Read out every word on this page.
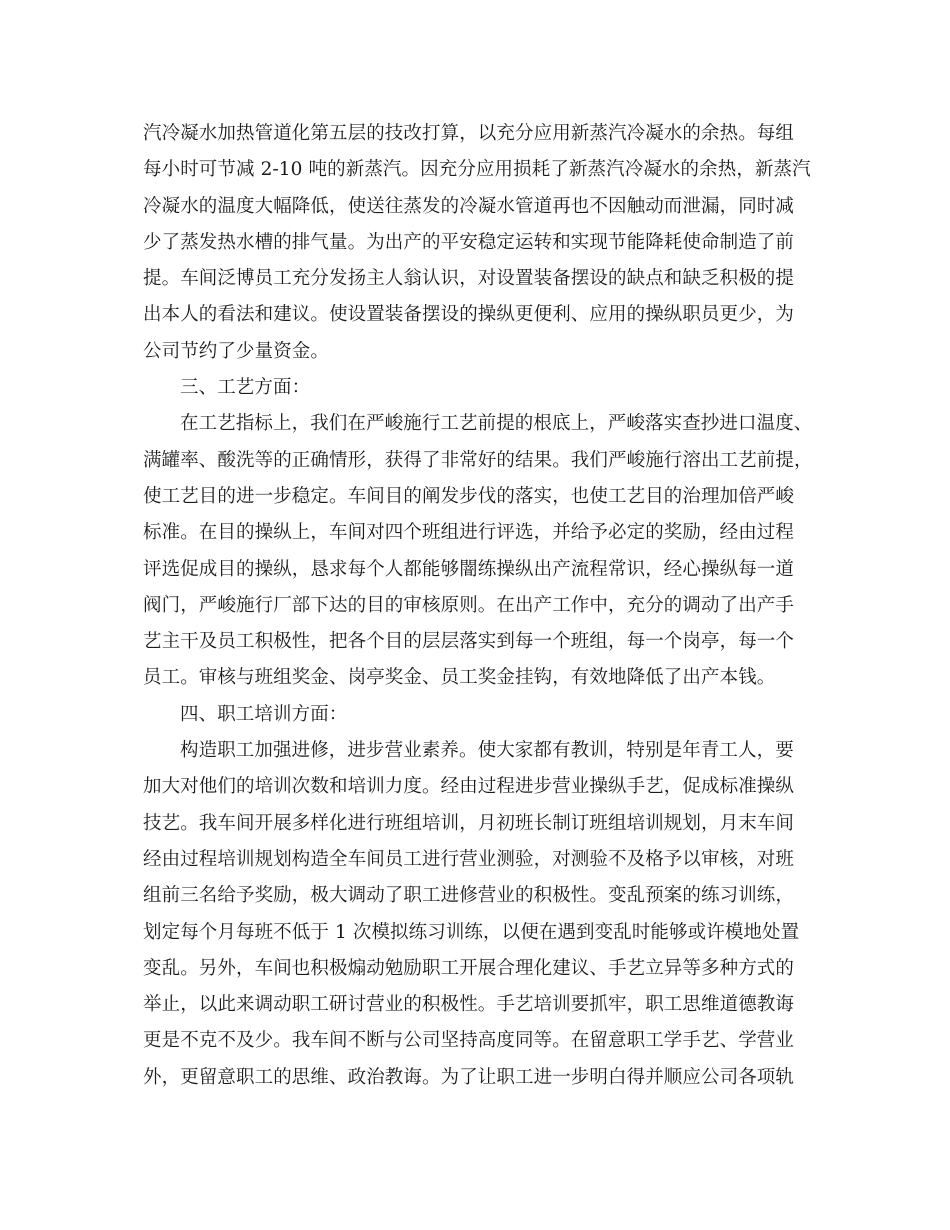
汽冷凝水加热管道化第五层的技改打算，以充分应用新蒸汽冷凝水的余热。每组
每小时可节减 2-10 吨的新蒸汽。因充分应用损耗了新蒸汽冷凝水的余热，新蒸汽
冷凝水的温度大幅降低，使送往蒸发的冷凝水管道再也不因触动而泄漏，同时减
少了蒸发热水槽的排气量。为出产的平安稳定运转和实现节能降耗使命制造了前
提。车间泛博员工充分发扬主人翁认识，对设置装备摆设的缺点和缺乏积极的提
出本人的看法和建议。使设置装备摆设的操纵更便利、应用的操纵职员更少，为
公司节约了少量资金。
三、工艺方面：
在工艺指标上，我们在严峻施行工艺前提的根底上，严峻落实查抄进口温度、
满罐率、酸洗等的正确情形，获得了非常好的结果。我们严峻施行溶出工艺前提，
使工艺目的进一步稳定。车间目的阐发步伐的落实，也使工艺目的治理加倍严峻
标准。在目的操纵上，车间对四个班组进行评选，并给予必定的奖励，经由过程
评选促成目的操纵，恳求每个人都能够闇练操纵出产流程常识，经心操纵每一道
阀门，严峻施行厂部下达的目的审核原则。在出产工作中，充分的调动了出产手
艺主干及员工积极性，把各个目的层层落实到每一个班组，每一个岗亭，每一个
员工。审核与班组奖金、岗亭奖金、员工奖金挂钩，有效地降低了出产本钱。
四、职工培训方面：
构造职工加强进修，进步营业素养。使大家都有教训，特别是年青工人，要
加大对他们的培训次数和培训力度。经由过程进步营业操纵手艺，促成标准操纵
技艺。我车间开展多样化进行班组培训，月初班长制订班组培训规划，月末车间
经由过程培训规划构造全车间员工进行营业测验，对测验不及格予以审核，对班
组前三名给予奖励，极大调动了职工进修营业的积极性。变乱预案的练习训练，
划定每个月每班不低于 1 次模拟练习训练，以便在遇到变乱时能够或许模地处置
变乱。另外，车间也积极煽动勉励职工开展合理化建议、手艺立异等多种方式的
举止，以此来调动职工研讨营业的积极性。手艺培训要抓牢，职工思维道德教诲
更是不克不及少。我车间不断与公司坚持高度同等。在留意职工学手艺、学营业
外，更留意职工的思维、政治教诲。为了让职工进一步明白得并顺应公司各项轨
